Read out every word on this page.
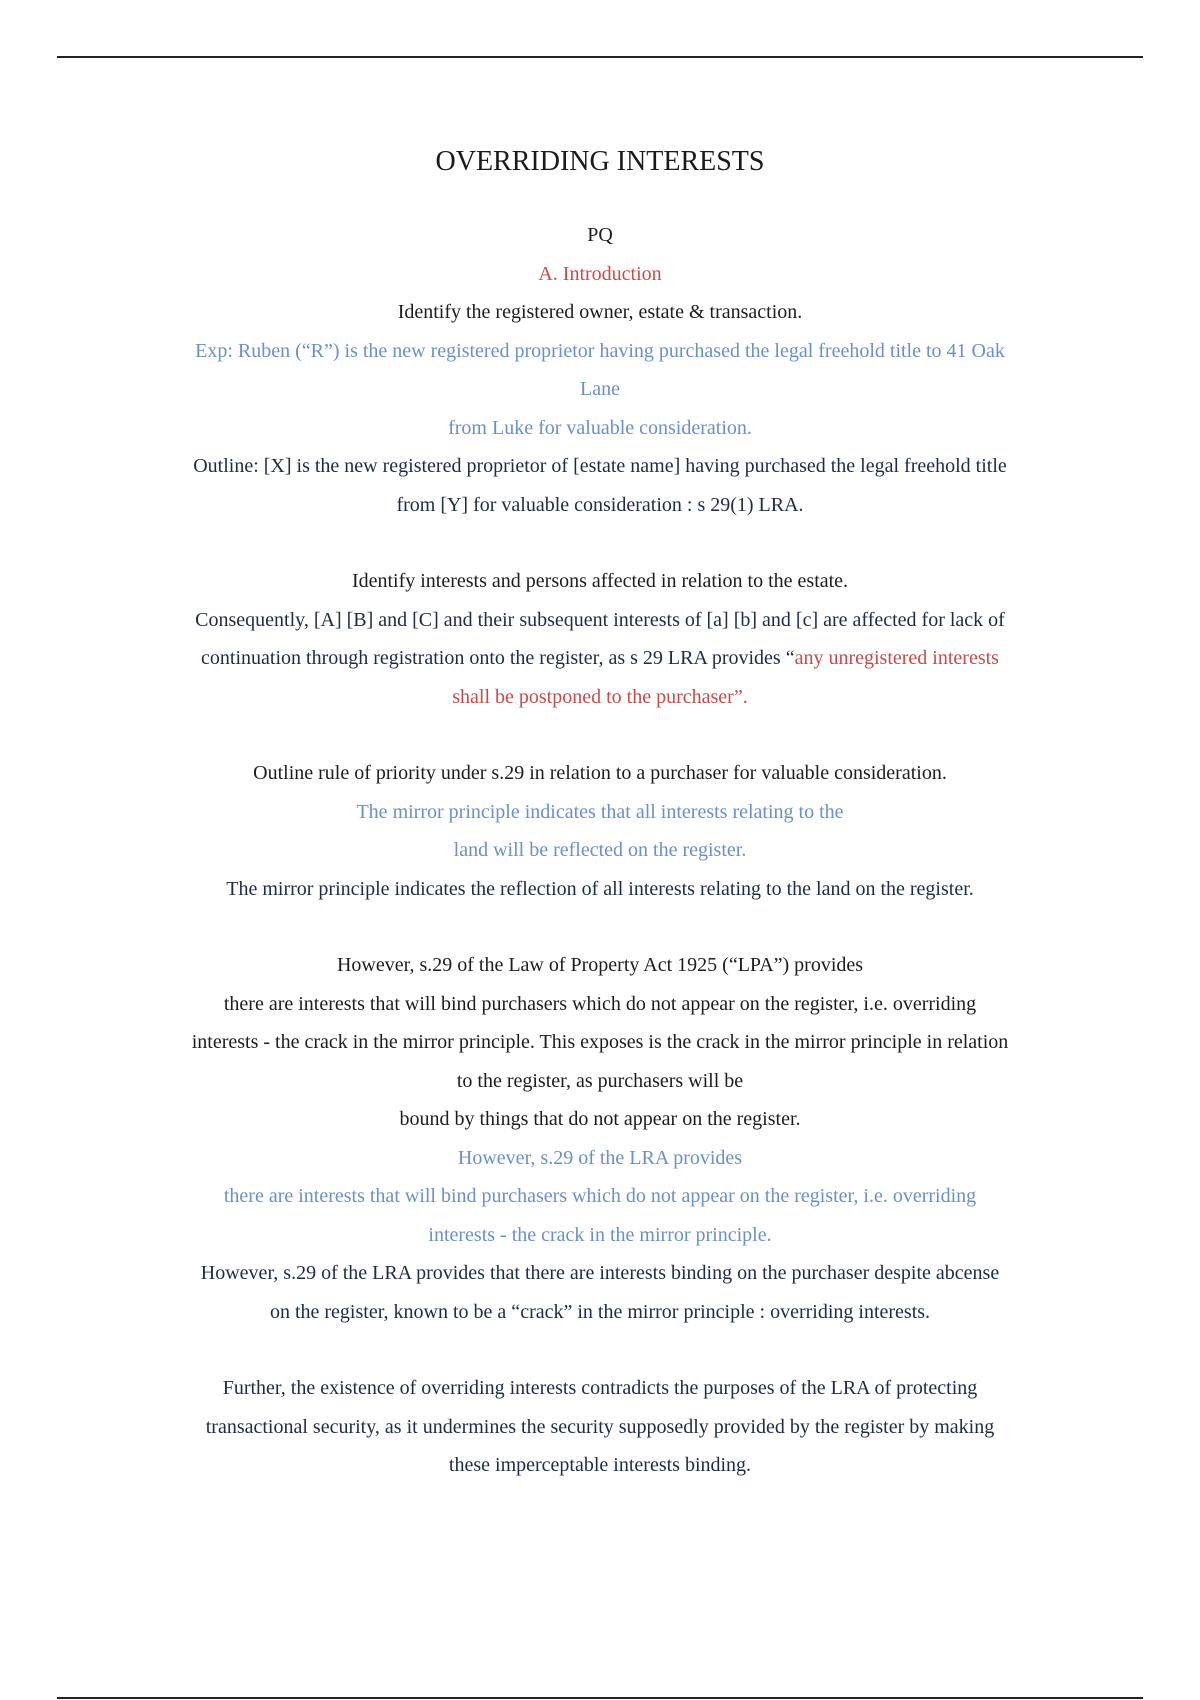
OVERRIDING INTERESTS

PQ

A. Introduction

Identify the registered owner, estate & transaction.

Exp: Ruben (“R”) is the new registered proprietor having purchased the legal freehold title to 41 Oak

Lane

from Luke for valuable consideration.

Outline: [X] is the new registered proprietor of [estate name] having purchased the legal freehold title

from [Y] for valuable consideration : s 29(1) LRA.

Identify interests and persons affected in relation to the estate.

Consequently, [A] [B] and [C] and their subsequent interests of [a] [b] and [c] are affected for lack of

continuation through registration onto the register, as s 29 LRA provides “any unregistered interests

shall be postponed to the purchaser”.

Outline rule of priority under s.29 in relation to a purchaser for valuable consideration.

The mirror principle indicates that all interests relating to the

land will be reflected on the register.

The mirror principle indicates the reflection of all interests relating to the land on the register.

However, s.29 of the Law of Property Act 1925 (“LPA”) provides

there are interests that will bind purchasers which do not appear on the register, i.e. overriding

interests - the crack in the mirror principle. This exposes is the crack in the mirror principle in relation

to the register, as purchasers will be

bound by things that do not appear on the register.

However, s.29 of the LRA provides

there are interests that will bind purchasers which do not appear on the register, i.e. overriding

interests - the crack in the mirror principle.

However, s.29 of the LRA provides that there are interests binding on the purchaser despite abcense

on the register, known to be a “crack” in the mirror principle : overriding interests.

Further, the existence of overriding interests contradicts the purposes of the LRA of protecting

transactional security, as it undermines the security supposedly provided by the register by making

these imperceptable interests binding.
